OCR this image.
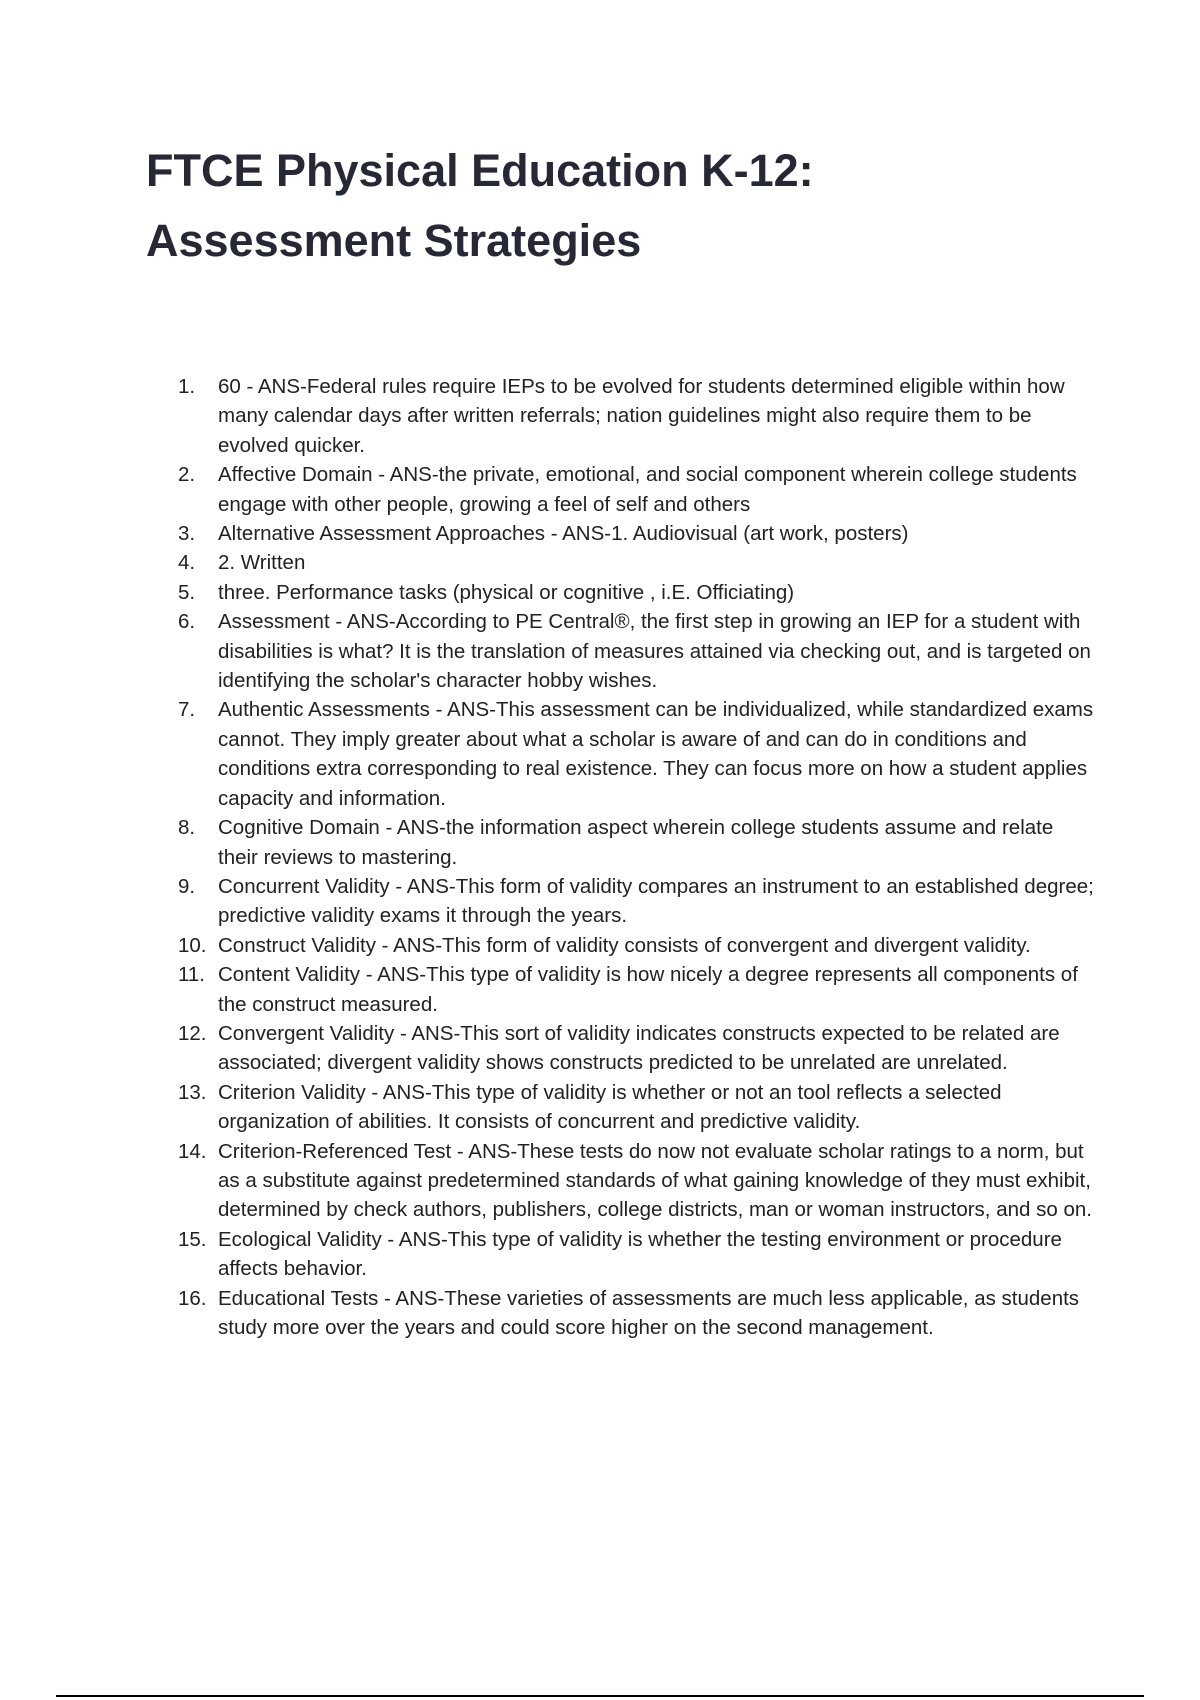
FTCE Physical Education K-12:
Assessment Strategies
1.	60 - ANS-Federal rules require IEPs to be evolved for students determined eligible within how many calendar days after written referrals; nation guidelines might also require them to be evolved quicker.
2.	Affective Domain - ANS-the private, emotional, and social component wherein college students engage with other people, growing a feel of self and others
3.	Alternative Assessment Approaches - ANS-1. Audiovisual (art work, posters)
4.	2. Written
5.	three. Performance tasks (physical or cognitive , i.E. Officiating)
6.	Assessment - ANS-According to PE Central®, the first step in growing an IEP for a student with disabilities is what? It is the translation of measures attained via checking out, and is targeted on identifying the scholar's character hobby wishes.
7.	Authentic Assessments - ANS-This assessment can be individualized, while standardized exams cannot. They imply greater about what a scholar is aware of and can do in conditions and conditions extra corresponding to real existence. They can focus more on how a student applies capacity and information.
8.	Cognitive Domain - ANS-the information aspect wherein college students assume and relate their reviews to mastering.
9.	Concurrent Validity - ANS-This form of validity compares an instrument to an established degree; predictive validity exams it through the years.
10. Construct Validity - ANS-This form of validity consists of convergent and divergent validity.
11. Content Validity - ANS-This type of validity is how nicely a degree represents all components of the construct measured.
12. Convergent Validity - ANS-This sort of validity indicates constructs expected to be related are associated; divergent validity shows constructs predicted to be unrelated are unrelated.
13. Criterion Validity - ANS-This type of validity is whether or not an tool reflects a selected organization of abilities. It consists of concurrent and predictive validity.
14. Criterion-Referenced Test - ANS-These tests do now not evaluate scholar ratings to a norm, but as a substitute against predetermined standards of what gaining knowledge of they must exhibit, determined by check authors, publishers, college districts, man or woman instructors, and so on.
15. Ecological Validity - ANS-This type of validity is whether the testing environment or procedure affects behavior.
16. Educational Tests - ANS-These varieties of assessments are much less applicable, as students study more over the years and could score higher on the second management.
